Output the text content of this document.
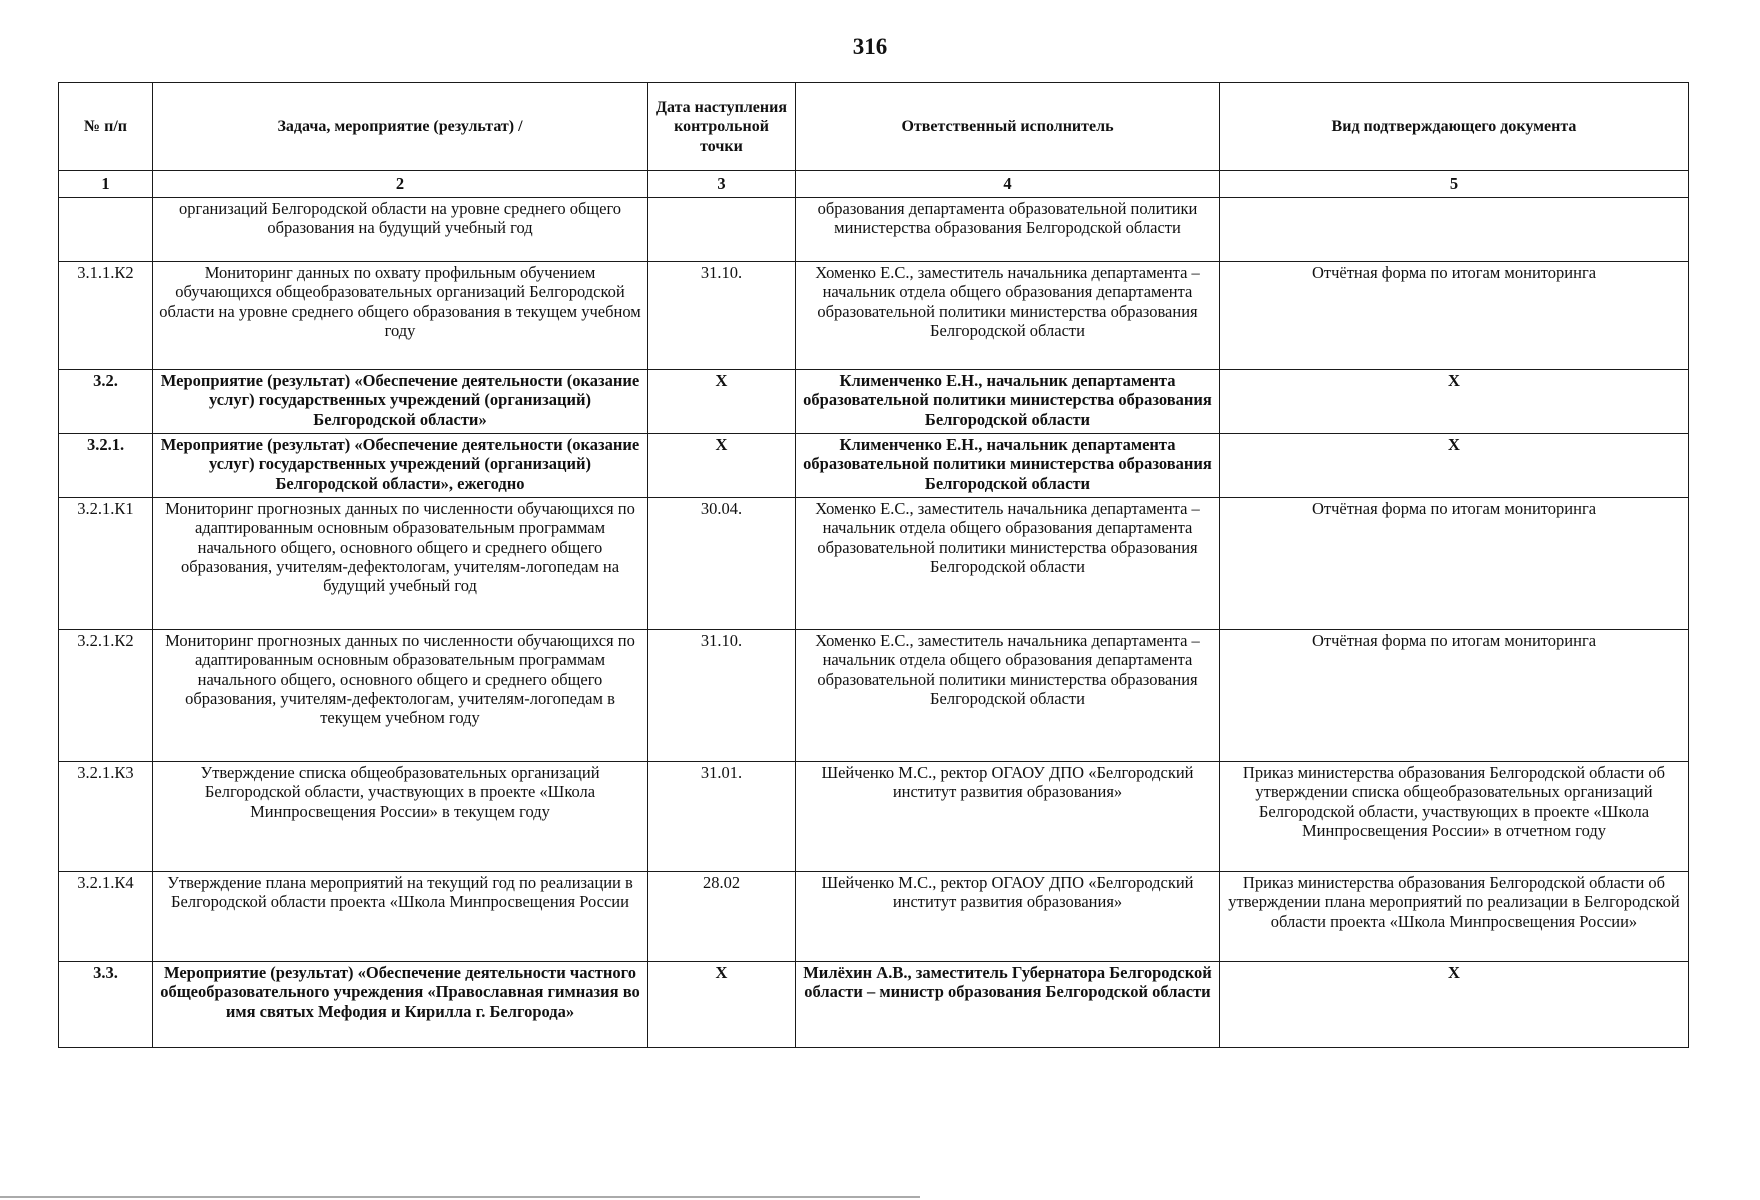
316
№ п/п	Задача, мероприятие (результат) /	Дата наступления контрольной точки	Ответственный исполнитель	Вид подтверждающего документа
1	2	3	4	5
	организаций Белгородской области на уровне среднего общего образования на будущий учебный год		образования департамента образовательной политики министерства образования Белгородской области	
3.1.1.К2	Мониторинг данных по охвату профильным обучением обучающихся общеобразовательных организаций Белгородской области на уровне среднего общего образования в текущем учебном году	31.10.	Хоменко Е.С., заместитель начальника департамента – начальник отдела общего образования департамента образовательной политики министерства образования Белгородской области	Отчётная форма по итогам мониторинга
3.2.	Мероприятие (результат) «Обеспечение деятельности (оказание услуг) государственных учреждений (организаций) Белгородской области»	Х	Клименченко Е.Н., начальник департамента образовательной политики министерства образования Белгородской области	Х
3.2.1.	Мероприятие (результат) «Обеспечение деятельности (оказание услуг) государственных учреждений (организаций) Белгородской области», ежегодно	Х	Клименченко Е.Н., начальник департамента образовательной политики министерства образования Белгородской области	Х
3.2.1.К1	Мониторинг прогнозных данных по численности обучающихся по адаптированным основным образовательным программам начального общего, основного общего и среднего общего образования, учителям-дефектологам, учителям-логопедам на будущий учебный год	30.04.	Хоменко Е.С., заместитель начальника департамента – начальник отдела общего образования департамента образовательной политики министерства образования Белгородской области	Отчётная форма по итогам мониторинга
3.2.1.К2	Мониторинг прогнозных данных по численности обучающихся по адаптированным основным образовательным программам начального общего, основного общего и среднего общего образования, учителям-дефектологам, учителям-логопедам в текущем учебном году	31.10.	Хоменко Е.С., заместитель начальника департамента – начальник отдела общего образования департамента образовательной политики министерства образования Белгородской области	Отчётная форма по итогам мониторинга
3.2.1.К3	Утверждение списка общеобразовательных организаций Белгородской области, участвующих в проекте «Школа Минпросвещения России» в текущем году	31.01.	Шейченко М.С., ректор ОГАОУ ДПО «Белгородский институт развития образования»	Приказ министерства образования Белгородской области об утверждении списка общеобразовательных организаций Белгородской области, участвующих в проекте «Школа Минпросвещения России» в отчетном году
3.2.1.К4	Утверждение плана мероприятий на текущий год по реализации в Белгородской области проекта «Школа Минпросвещения России	28.02	Шейченко М.С., ректор ОГАОУ ДПО «Белгородский институт развития образования»	Приказ министерства образования Белгородской области об утверждении плана мероприятий по реализации в Белгородской области проекта «Школа Минпросвещения России»
3.3.	Мероприятие (результат) «Обеспечение деятельности частного общеобразовательного учреждения «Православная гимназия во имя святых Мефодия и Кирилла г. Белгорода»	Х	Милёхин А.В., заместитель Губернатора Белгородской области – министр образования Белгородской области	Х
